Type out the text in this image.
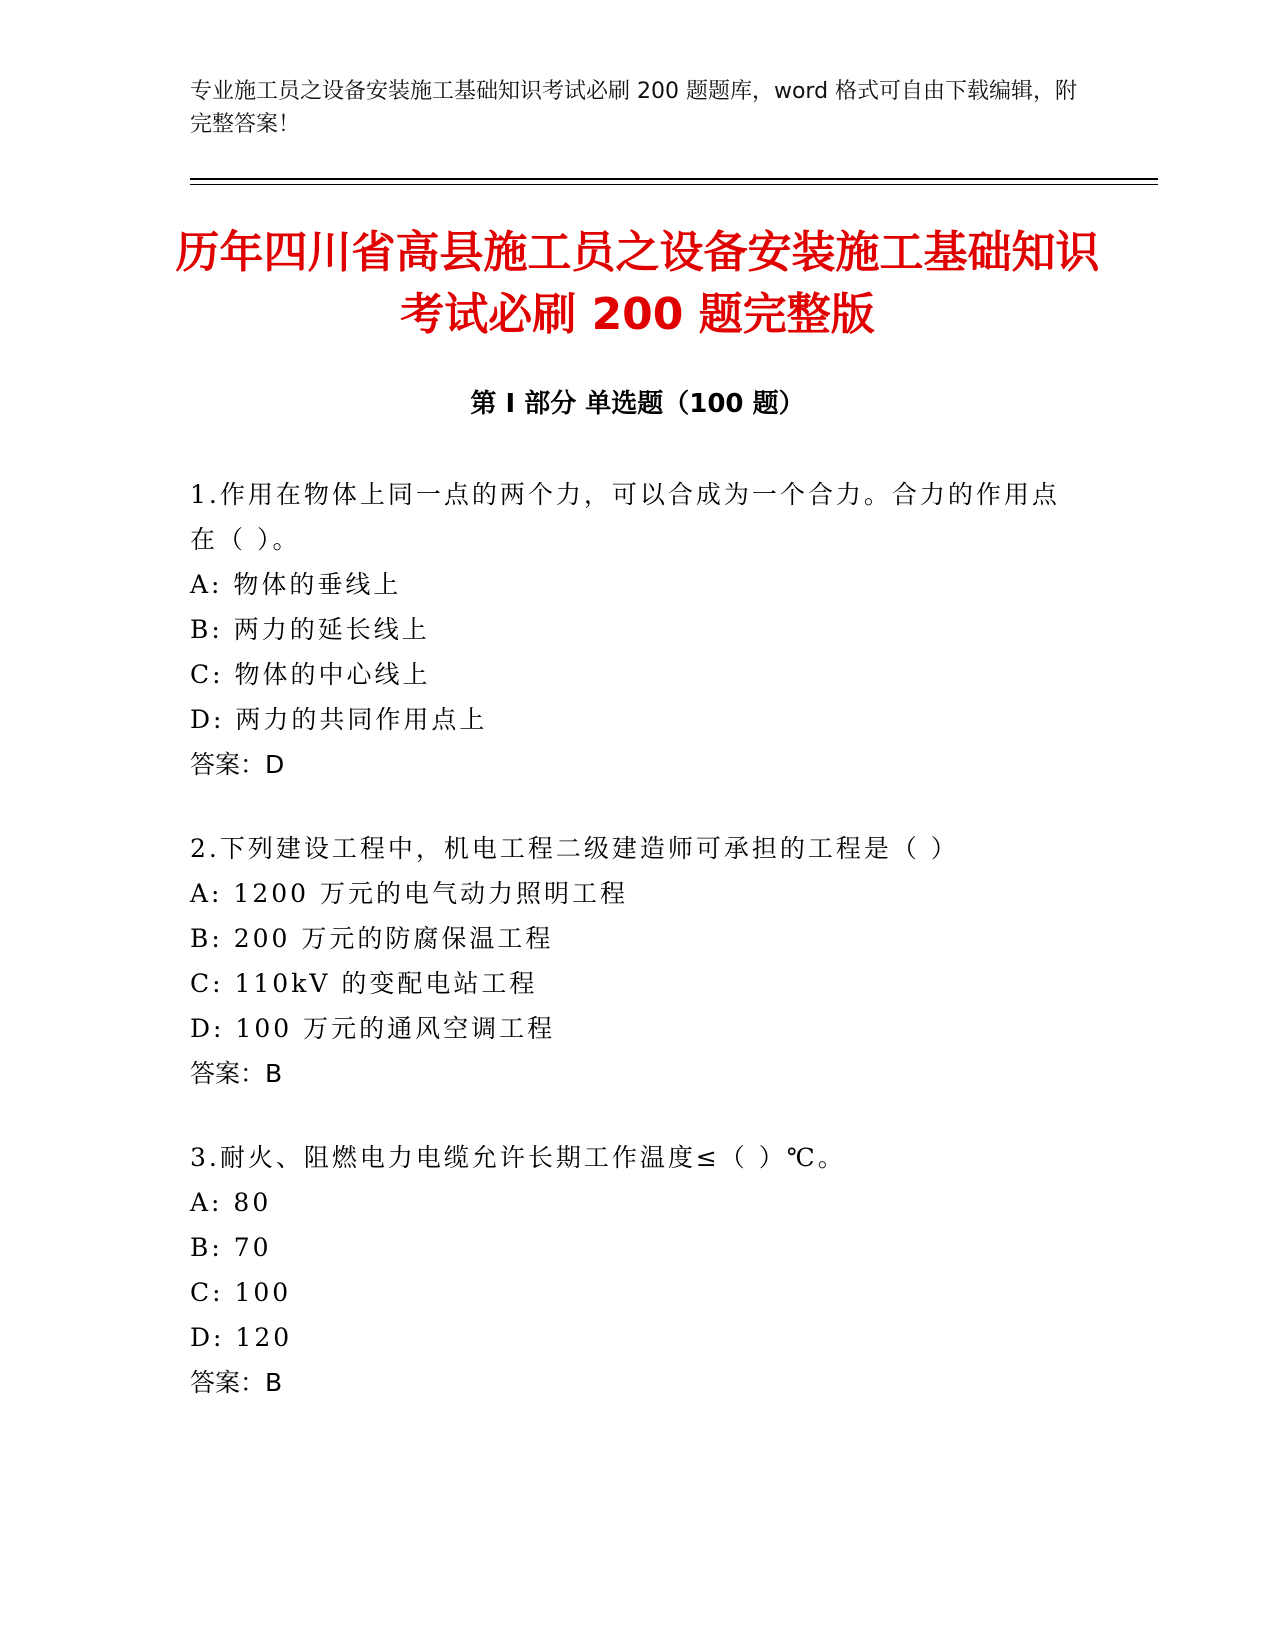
专业施工员之设备安装施工基础知识考试必刷 200 题题库，word 格式可自由下载编辑，附完整答案！
历年四川省高县施工员之设备安装施工基础知识考试必刷 200 题完整版
第 I 部分 单选题（100 题）

1.作用在物体上同一点的两个力，可以合成为一个合力。合力的作用点在（ ）。

A: 物体的垂线上

B: 两力的延长线上

C: 物体的中心线上

D: 两力的共同作用点上

答案：D

2.下列建设工程中，机电工程二级建造师可承担的工程是（ ）

A: 1200 万元的电气动力照明工程

B: 200 万元的防腐保温工程

C: 110kV 的变配电站工程

D: 100 万元的通风空调工程

答案：B

3.耐火、阻燃电力电缆允许长期工作温度≤（ ）℃。

A: 80

B: 70

C: 100

D: 120

答案：B
